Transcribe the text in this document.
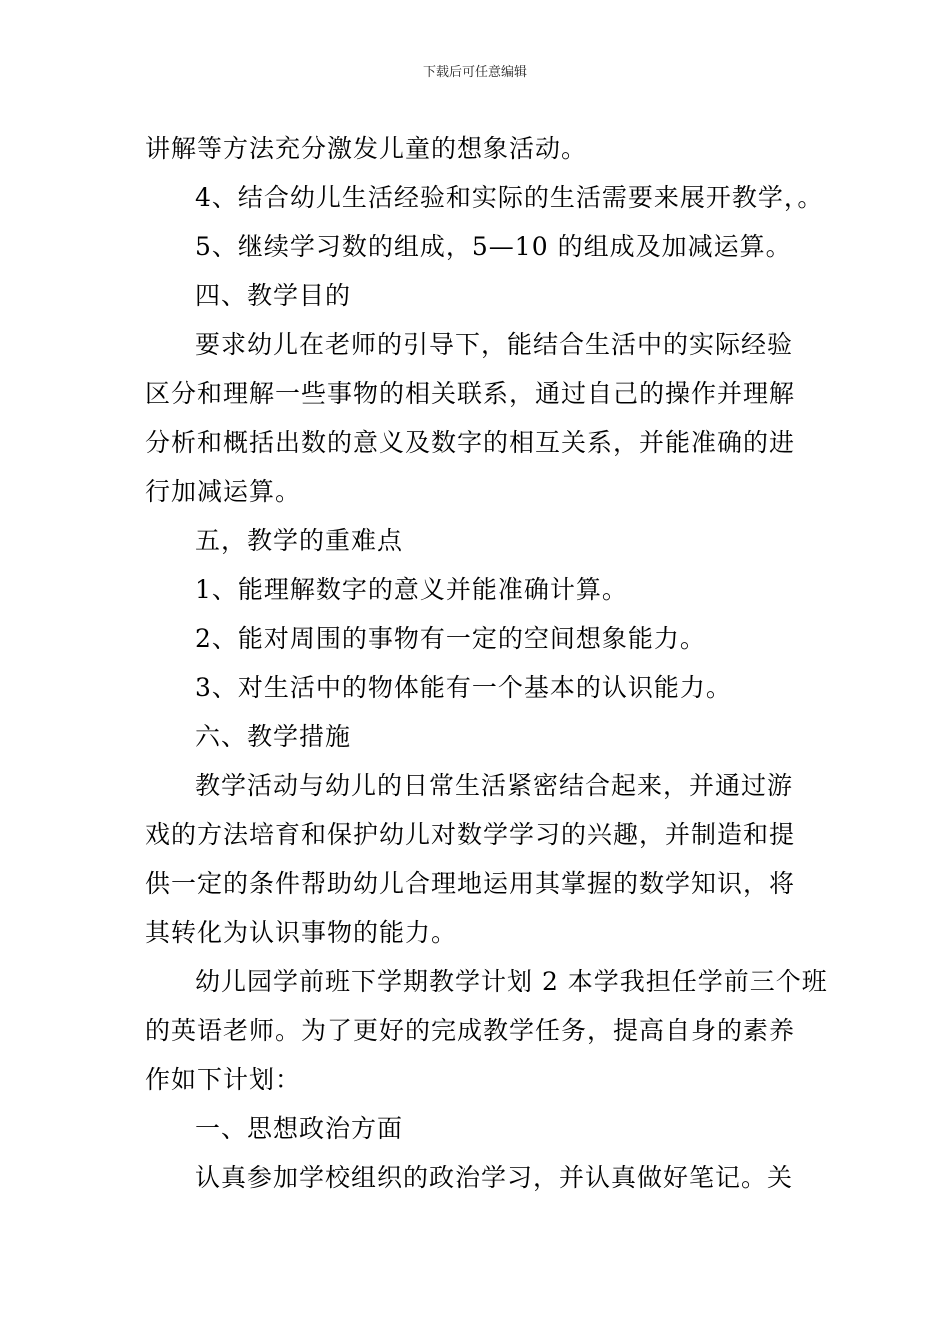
下载后可任意编辑
讲解等方法充分激发儿童的想象活动。
4、结合幼儿生活经验和实际的生活需要来展开教学，。
5、继续学习数的组成，5—10 的组成及加减运算。
四、教学目的
要求幼儿在老师的引导下，能结合生活中的实际经验
区分和理解一些事物的相关联系，通过自己的操作并理解
分析和概括出数的意义及数字的相互关系，并能准确的进
行加减运算。
五，教学的重难点
1、能理解数字的意义并能准确计算。
2、能对周围的事物有一定的空间想象能力。
3、对生活中的物体能有一个基本的认识能力。
六、教学措施
教学活动与幼儿的日常生活紧密结合起来，并通过游
戏的方法培育和保护幼儿对数学学习的兴趣，并制造和提
供一定的条件帮助幼儿合理地运用其掌握的数学知识，将
其转化为认识事物的能力。
幼儿园学前班下学期教学计划 2 本学我担任学前三个班
的英语老师。为了更好的完成教学任务，提高自身的素养
作如下计划：
一、思想政治方面
认真参加学校组织的政治学习，并认真做好笔记。关
